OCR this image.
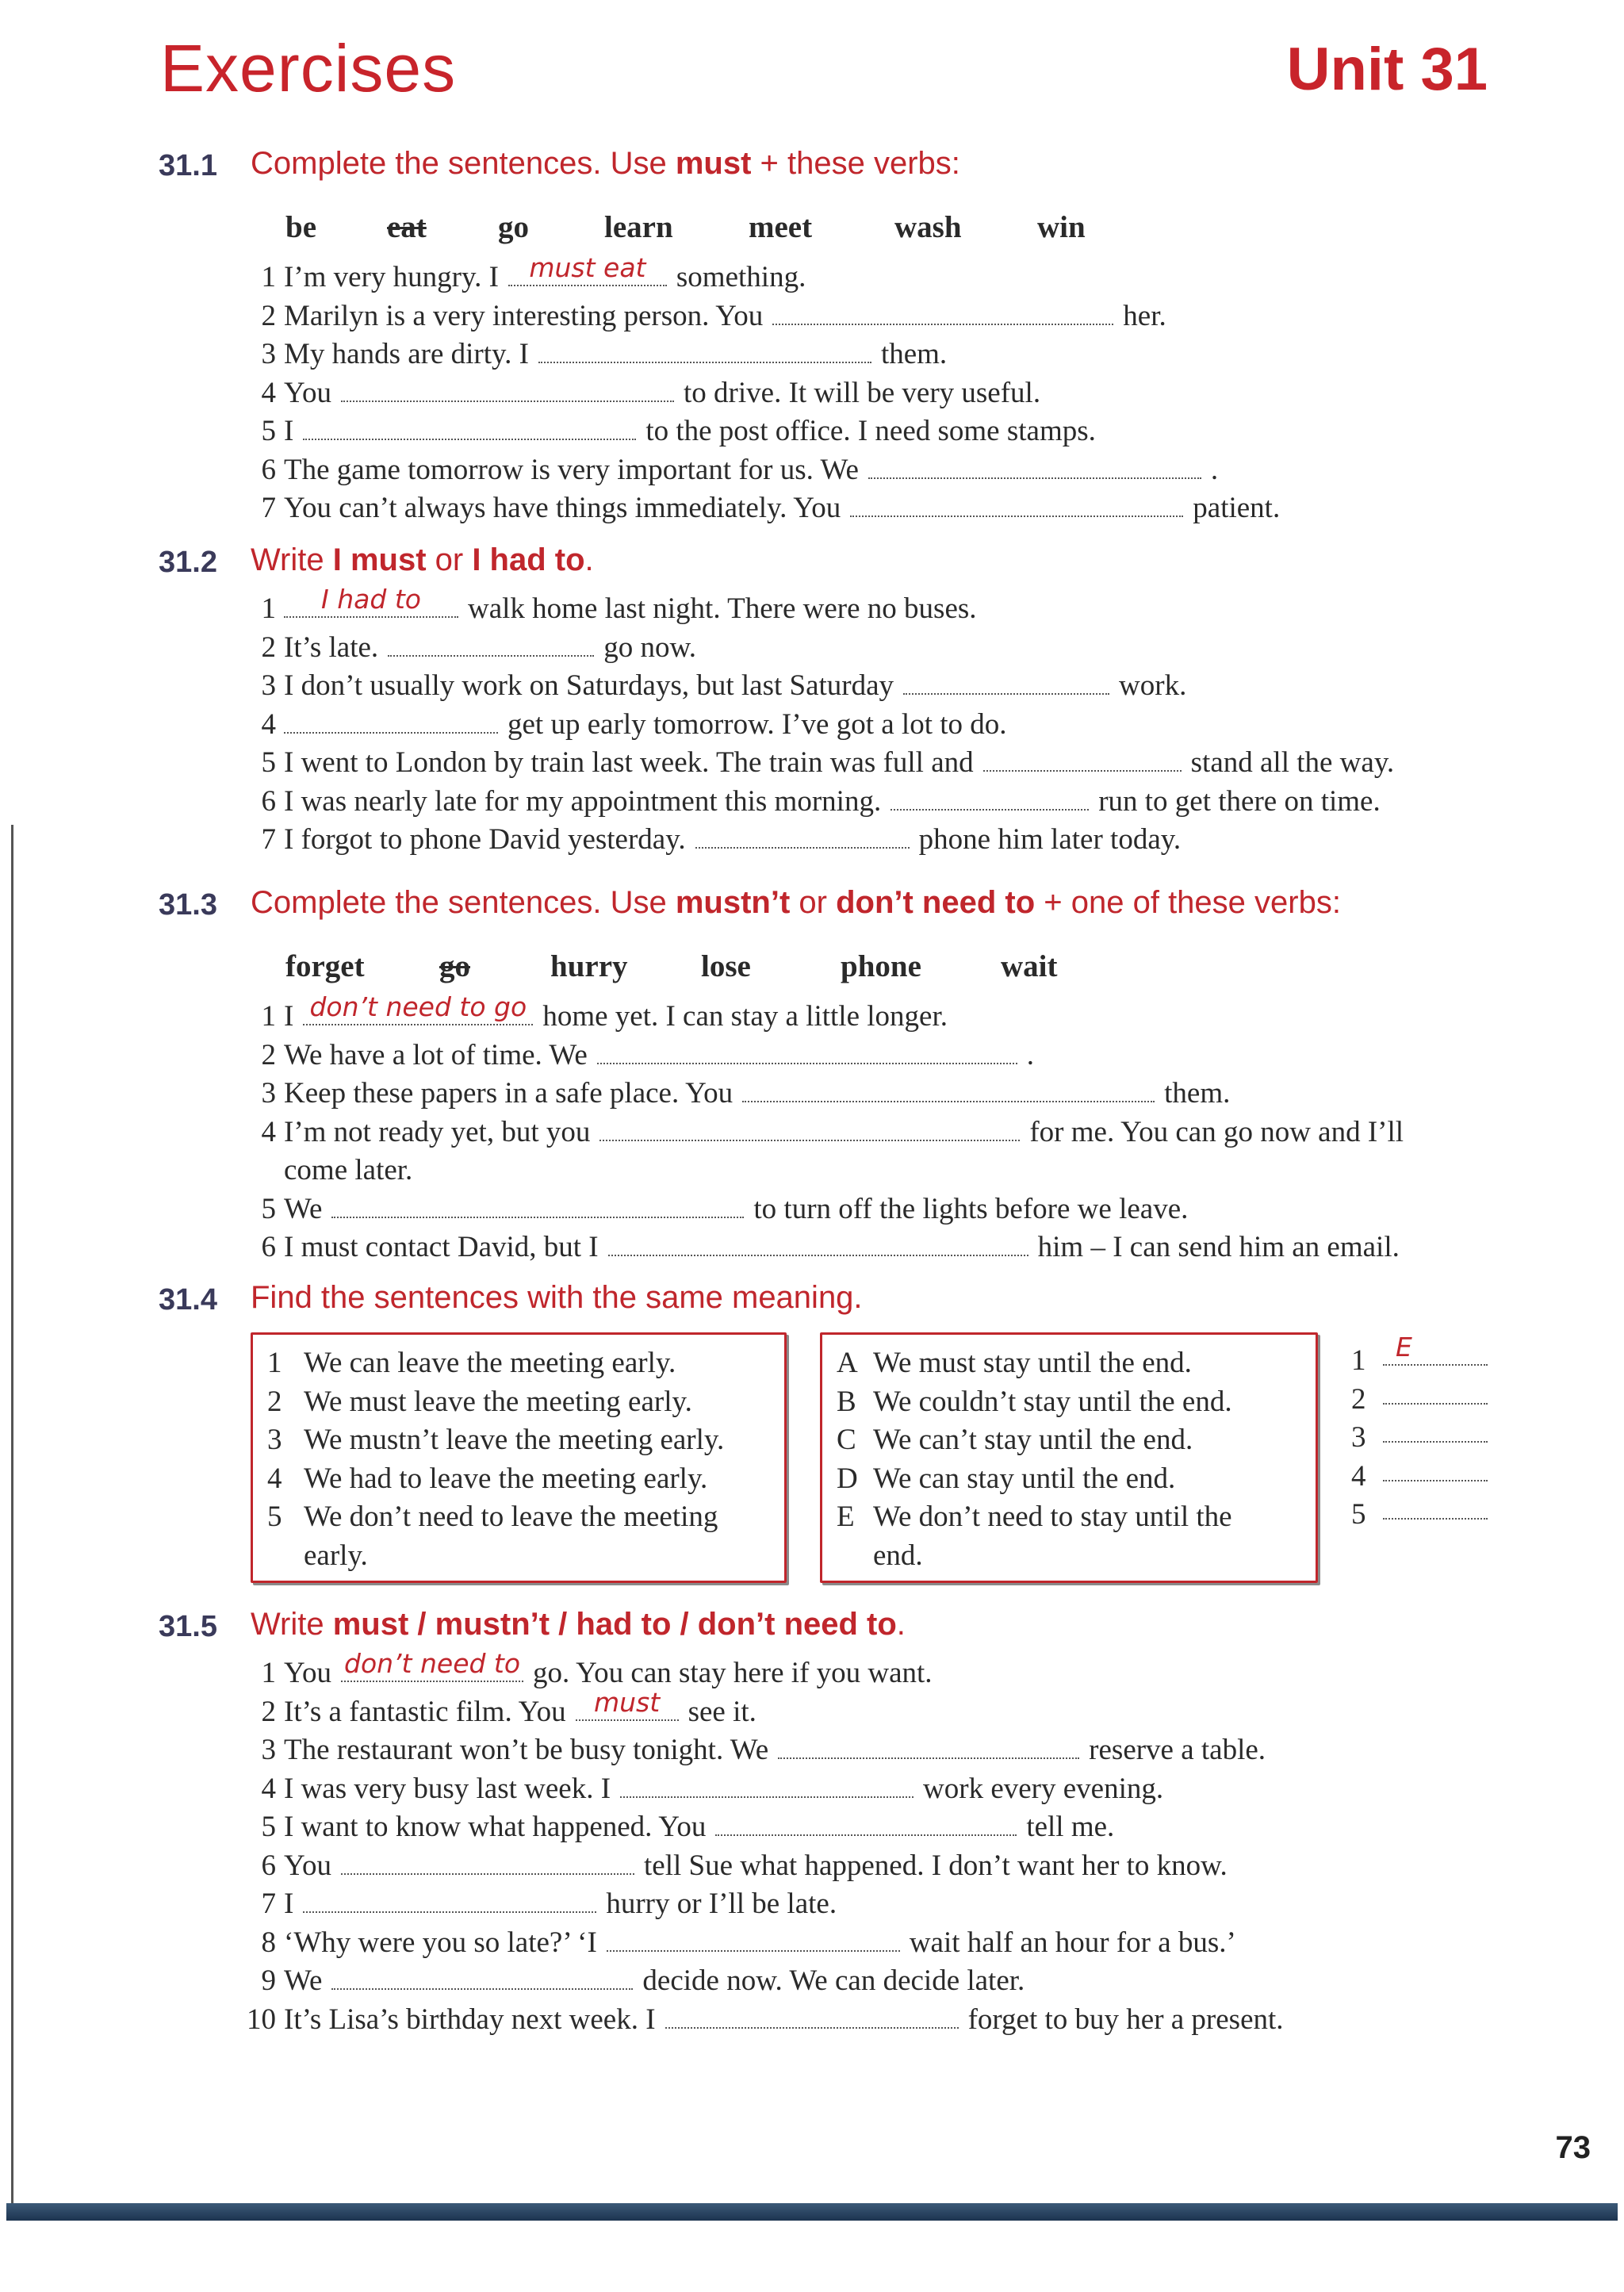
Exercises	Unit 31
31.1 Complete the sentences. Use must + these verbs:
be	eat	go	learn	meet	wash	win
1 I’m very hungry. I	must eat	something.
2 Marilyn is a very interesting person. You	her.
3 My hands are dirty. I	them.
4 You	to drive. It will be very useful.
5 I	to the post office. I need some stamps.
6 The game tomorrow is very important for us. We	.
7 You can’t always have things immediately. You	patient.
31.2 Write I must or I had to.
1	I had to	walk home last night. There were no buses.
2 It’s late.	go now.
3 I don’t usually work on Saturdays, but last Saturday	work.
4	get up early tomorrow. I’ve got a lot to do.
5 I went to London by train last week. The train was full and	stand all the way.
6 I was nearly late for my appointment this morning.	run to get there on time.
7 I forgot to phone David yesterday.	phone him later today.
31.3 Complete the sentences. Use mustn’t or don’t need to + one of these verbs:
forget	go	hurry	lose	phone	wait
1 I don’t need to go home yet. I can stay a little longer.
2 We have a lot of time. We	.
3 Keep these papers in a safe place. You	them.
4 I’m not ready yet, but you	for me. You can go now and I’ll
come later.
5 We	to turn off the lights before we leave.
6 I must contact David, but I	him – I can send him an email.
31.4 Find the sentences with the same meaning.
1 We can leave the meeting early.
2 We must leave the meeting early.
3 We mustn’t leave the meeting early.
4 We had to leave the meeting early.
5 We don’t need to leave the meeting
early.
A We must stay until the end.
B We couldn’t stay until the end.
C We can’t stay until the end.
D We can stay until the end.
E We don’t need to stay until the
end.
1	E
2
3
4
5
31.5 Write must / mustn’t / had to / don’t need to.
1 You don’t need to go. You can stay here if you want.
2 It’s a fantastic film. You	must see it.
3 The restaurant won’t be busy tonight. We	reserve a table.
4 I was very busy last week. I	work every evening.
5 I want to know what happened. You	tell me.
6 You	tell Sue what happened. I don’t want her to know.
7 I	hurry or I’ll be late.
8 ‘Why were you so late?’ ‘I	wait half an hour for a bus.’
9 We	decide now. We can decide later.
10 It’s Lisa’s birthday next week. I	forget to buy her a present.
73
